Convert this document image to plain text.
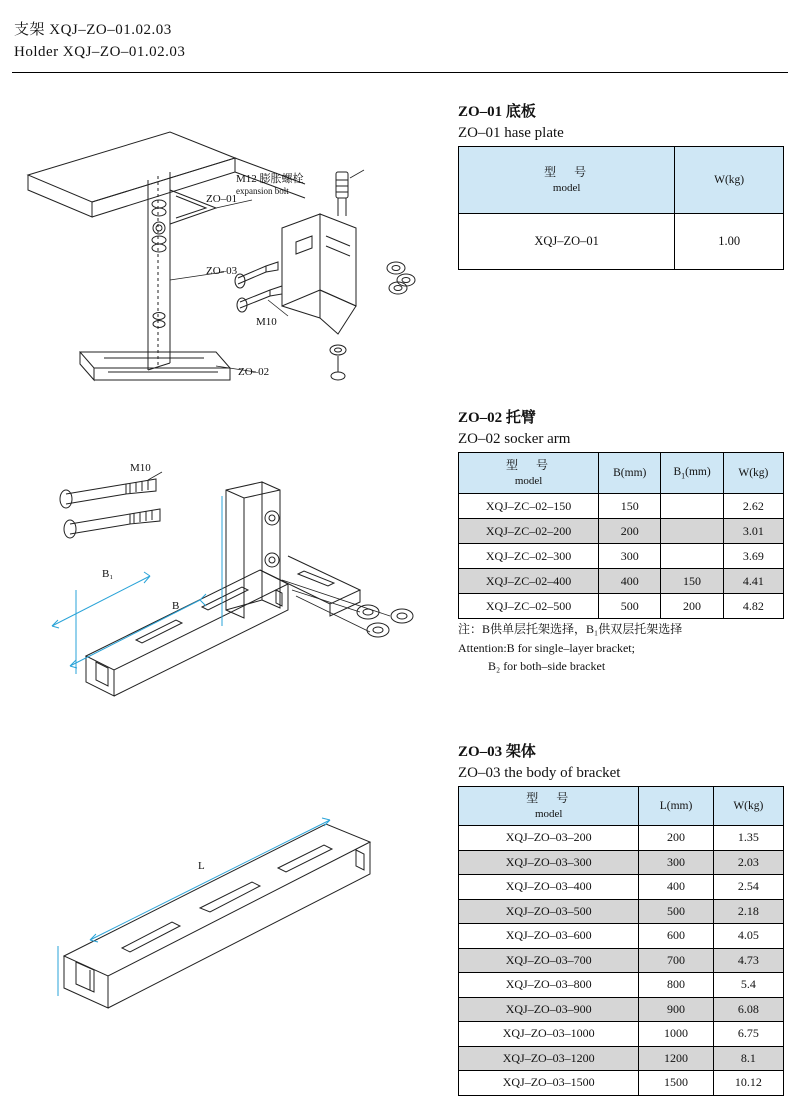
支架 XQJ–ZO–01.02.03
Holder XQJ–ZO–01.02.03
M12 膨胀螺栓
expansion bolt
ZO–01
ZO–03
M10
ZO–02
ZO–01 底板
ZO–01 hase plate
型　号
model	W(kg)
XQJ–ZO–01	1.00
M10
B₁
B
ZO–02 托臂
ZO–02 socker arm
型　号
model	B(mm)	$B_1(mm)$	W(kg)
XQJ–ZC–02–150	150		2.62
XQJ–ZC–02–200	200		3.01
XQJ–ZC–02–300	300		3.69
XQJ–ZC–02–400	400	150	4.41
XQJ–ZC–02–500	500	200	4.82
注：B供单层托架选择，B₁供双层托架选择
Attention:B for single–layer bracket;
B₂ for both–side bracket
ZO–03 架体
ZO–03 the body of bracket
L
型　号
model	L(mm)	W(kg)
XQJ–ZO–03–200	200	1.35
XQJ–ZO–03–300	300	2.03
XQJ–ZO–03–400	400	2.54
XQJ–ZO–03–500	500	2.18
XQJ–ZO–03–600	600	4.05
XQJ–ZO–03–700	700	4.73
XQJ–ZO–03–800	800	5.4
XQJ–ZO–03–900	900	6.08
XQJ–ZO–03–1000	1000	6.75
XQJ–ZO–03–1200	1200	8.1
XQJ–ZO–03–1500	1500	10.12
